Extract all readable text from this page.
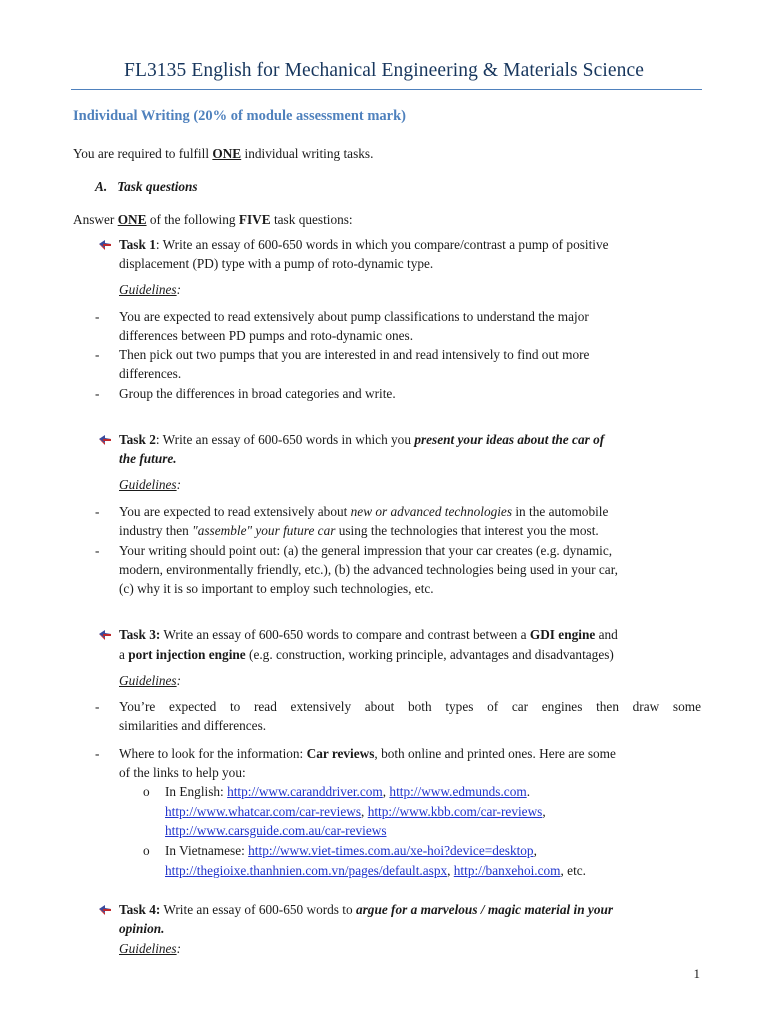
FL3135 English for Mechanical Engineering & Materials Science
Individual Writing (20% of module assessment mark)
You are required to fulfill ONE individual writing tasks.
A. Task questions
Answer ONE of the following FIVE task questions:
Task 1: Write an essay of 600-650 words in which you compare/contrast a pump of positive
displacement (PD) type with a pump of roto-dynamic type.
Guidelines:
- You are expected to read extensively about pump classifications to understand the major
differences between PD pumps and roto-dynamic ones.
- Then pick out two pumps that you are interested in and read intensively to find out more
differences.
- Group the differences in broad categories and write.
Task 2: Write an essay of 600-650 words in which you present your ideas about the car of
the future.
Guidelines:
- You are expected to read extensively about new or advanced technologies in the automobile
industry then "assemble" your future car using the technologies that interest you the most.
- Your writing should point out: (a) the general impression that your car creates (e.g. dynamic,
modern, environmentally friendly, etc.), (b) the advanced technologies being used in your car,
(c) why it is so important to employ such technologies, etc.
Task 3: Write an essay of 600-650 words to compare and contrast between a GDI engine and
a port injection engine (e.g. construction, working principle, advantages and disadvantages)
Guidelines:
- You’re expected to read extensively about both types of car engines then draw some
similarities and differences.
- Where to look for the information: Car reviews, both online and printed ones. Here are some
of the links to help you:
o In English: http://www.caranddriver.com, http://www.edmunds.com.
http://www.whatcar.com/car-reviews, http://www.kbb.com/car-reviews,
http://www.carsguide.com.au/car-reviews
o In Vietnamese: http://www.viet-times.com.au/xe-hoi?device=desktop,
http://thegioixe.thanhnien.com.vn/pages/default.aspx, http://banxehoi.com, etc.
Task 4: Write an essay of 600-650 words to argue for a marvelous / magic material in your
opinion.
Guidelines:
1
